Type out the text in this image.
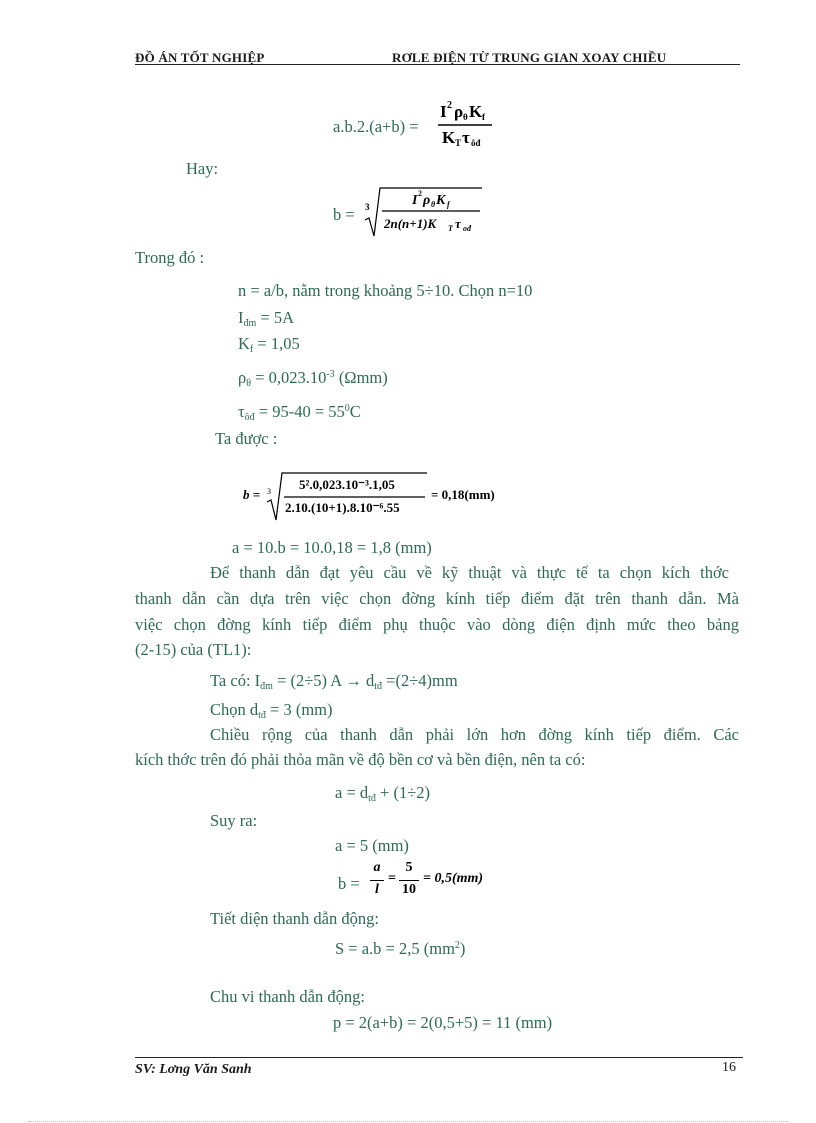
ĐỒ ÁN TỐT NGHIỆP	RƠLE ĐIỆN TỪ TRUNG GIAN XOAY CHIỀU
a.b.2.(a+b) =
I 2 ρ θ K f
K T τ ôđ
Hay:
b = 3	I 2 ρ θ K f
2n(n+1)K T τ ođ
Trong đó :
n = a/b, nằm trong khoảng 5÷10. Chọn n=10
$I_{đm} = 5A$
$K_f = 1,05$
$\rho_\theta = 0,023.10^{-3}$ (Ωmm)
$\tau_{ôđ} = 95-40 = 55^0C$
Ta được :
b = 3 5².0,023.10⁻³.1,05
2.10.(10+1).8.10⁻⁶.55
= 0,18(mm)
a = 10.b = 10.0,18 = 1,8 (mm)
Để thanh dẫn đạt yêu cầu về kỹ thuật và thực tế ta chọn kích thớc
thanh dẫn cần dựa trên việc chọn đờng kính tiếp điểm đặt trên thanh dẫn. Mà
việc chọn đờng kính tiếp điểm phụ thuộc vào dòng điện định mức theo bảng
(2-15) của (TL1):
Ta có: $I_{đm} = (2\div 5) A \to d_{tđ} =(2\div 4)mm$
Chọn $d_{tđ} = 3$ (mm)
Chiều rộng của thanh dẫn phải lớn hơn đờng kính tiếp điểm. Các
kích thớc trên đó phải thỏa mãn về độ bền cơ và bền điện, nên ta có:
$a = d_{tđ} + (1\div 2)$
Suy ra:
a = 5 (mm)
b =
a
l
=
5
10
= 0,5(mm)
Tiết diện thanh dẫn động:
S = a.b = 2,5 $(mm^2)$
Chu vi thanh dẫn động:
p = 2(a+b) = 2(0,5+5) = 11 (mm)
SV: Lơng Văn Sanh	16
